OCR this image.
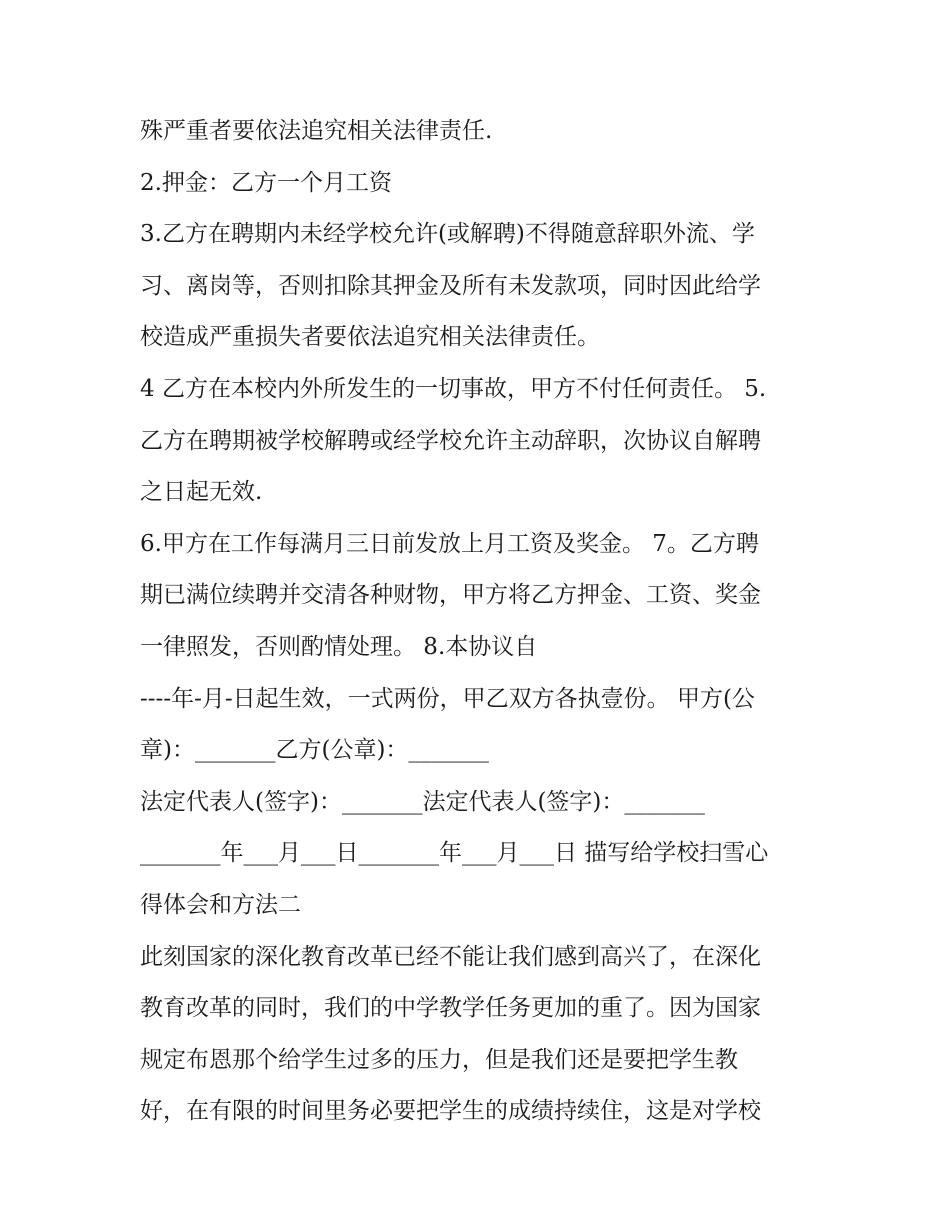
殊严重者要依法追究相关法律责任.
2.押金：乙方一个月工资
3.乙方在聘期内未经学校允许(或解聘)不得随意辞职外流、学
习、离岗等，否则扣除其押金及所有未发款项，同时因此给学
校造成严重损失者要依法追究相关法律责任。
4 乙方在本校内外所发生的一切事故，甲方不付任何责任。 5.
乙方在聘期被学校解聘或经学校允许主动辞职，次协议自解聘
之日起无效.
6.甲方在工作每满月三日前发放上月工资及奖金。 7。乙方聘
期已满位续聘并交清各种财物，甲方将乙方押金、工资、奖金
一律照发，否则酌情处理。 8.本协议自
----年-月-日起生效，一式两份，甲乙双方各执壹份。 甲方(公
章)：_______乙方(公章)：_______
法定代表人(签字)：_______法定代表人(签字)：_______
_______年___月___日_______年___月___日 描写给学校扫雪心
得体会和方法二
此刻国家的深化教育改革已经不能让我们感到高兴了，在深化
教育改革的同时，我们的中学教学任务更加的重了。因为国家
规定布恩那个给学生过多的压力，但是我们还是要把学生教
好，在有限的时间里务必要把学生的成绩持续住，这是对学校
